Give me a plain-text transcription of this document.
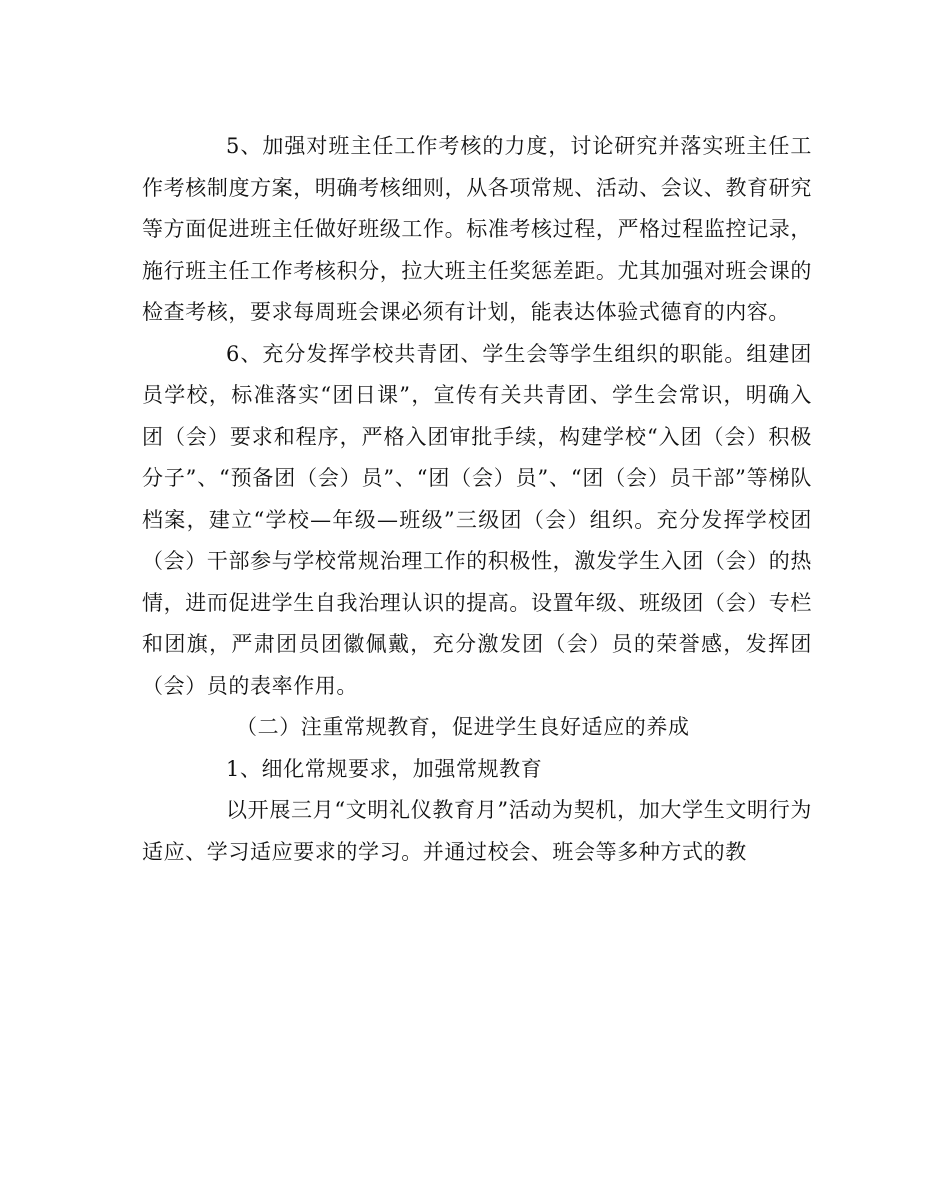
5、加强对班主任工作考核的力度，讨论研究并落实班主任工作考核制度方案，明确考核细则，从各项常规、活动、会议、教育研究等方面促进班主任做好班级工作。标准考核过程，严格过程监控记录，施行班主任工作考核积分，拉大班主任奖惩差距。尤其加强对班会课的检查考核，要求每周班会课必须有计划，能表达体验式德育的内容。

6、充分发挥学校共青团、学生会等学生组织的职能。组建团员学校，标准落实“团日课”，宣传有关共青团、学生会常识，明确入团（会）要求和程序，严格入团审批手续，构建学校“入团（会）积极分子”、“预备团（会）员”、“团（会）员”、“团（会）员干部”等梯队档案，建立“学校—年级—班级”三级团（会）组织。充分发挥学校团（会）干部参与学校常规治理工作的积极性，激发学生入团（会）的热情，进而促进学生自我治理认识的提高。设置年级、班级团（会）专栏和团旗，严肃团员团徽佩戴，充分激发团（会）员的荣誉感，发挥团（会）员的表率作用。

（二）注重常规教育，促进学生良好适应的养成

1、细化常规要求，加强常规教育

以开展三月“文明礼仪教育月”活动为契机，加大学生文明行为适应、学习适应要求的学习。并通过校会、班会等多种方式的教
